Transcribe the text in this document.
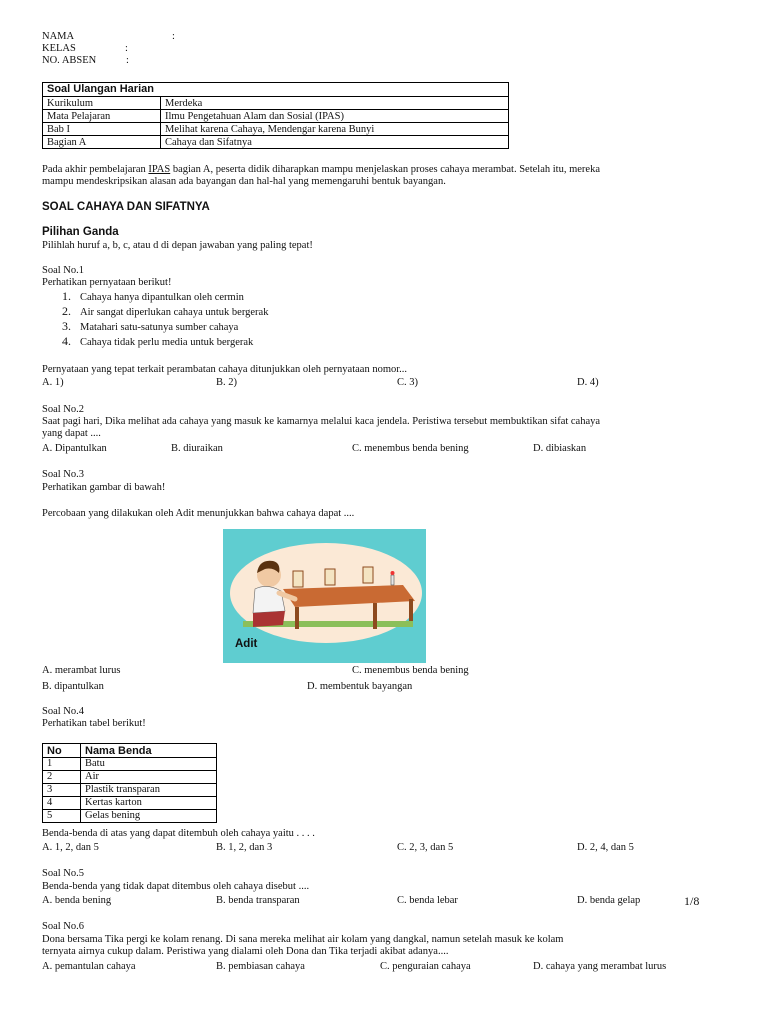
NAMA	:
KELAS	:
NO. ABSEN	:
Soal Ulangan Harian	
Kurikulum	Merdeka
Mata Pelajaran	Ilmu Pengetahuan Alam dan Sosial (IPAS)
Bab I	Melihat karena Cahaya, Mendengar karena Bunyi
Bagian A	Cahaya dan Sifatnya
Pada akhir pembelajaran IPAS bagian A, peserta didik diharapkan mampu menjelaskan proses cahaya merambat. Setelah itu, mereka
mampu mendeskripsikan alasan ada bayangan dan hal-hal yang memengaruhi bentuk bayangan.
SOAL CAHAYA DAN SIFATNYA
Pilihan Ganda
Pilihlah huruf a, b, c, atau d di depan jawaban yang paling tepat!
Soal No.1
Perhatikan pernyataan berikut!
1. Cahaya hanya dipantulkan oleh cermin
2. Air sangat diperlukan cahaya untuk bergerak
3. Matahari satu-satunya sumber cahaya
4. Cahaya tidak perlu media untuk bergerak
Pernyataan yang tepat terkait perambatan cahaya ditunjukkan oleh pernyataan nomor...
A. 1)	B. 2)	C. 3)	D. 4)
Soal No.2
Saat pagi hari, Dika melihat ada cahaya yang masuk ke kamarnya melalui kaca jendela. Peristiwa tersebut membuktikan sifat cahaya
yang dapat ....
A. Dipantulkan	B. diuraikan	C. menembus benda bening	D. dibiaskan
Soal No.3
Perhatikan gambar di bawah!
Percobaan yang dilakukan oleh Adit menunjukkan bahwa cahaya dapat ....
Adit
A. merambat lurus	C. menembus benda bening
B. dipantulkan	D. membentuk bayangan
Soal No.4
Perhatikan tabel berikut!
No	Nama Benda
1	Batu
2	Air
3	Plastik transparan
4	Kertas karton
5	Gelas bening
Benda-benda di atas yang dapat ditembuh oleh cahaya yaitu . . . .
A. 1, 2, dan 5	B. 1, 2, dan 3	C. 2, 3, dan 5	D. 2, 4, dan 5
Soal No.5
Benda-benda yang tidak dapat ditembus oleh cahaya disebut ....
A. benda bening	B. benda transparan	C. benda lebar	D. benda gelap	1/8
Soal No.6
Dona bersama Tika pergi ke kolam renang. Di sana mereka melihat air kolam yang dangkal, namun setelah masuk ke kolam
ternyata airnya cukup dalam. Peristiwa yang dialami oleh Dona dan Tika terjadi akibat adanya....
A. pemantulan cahaya	B. pembiasan cahaya	C. penguraian cahaya	D. cahaya yang merambat lurus
